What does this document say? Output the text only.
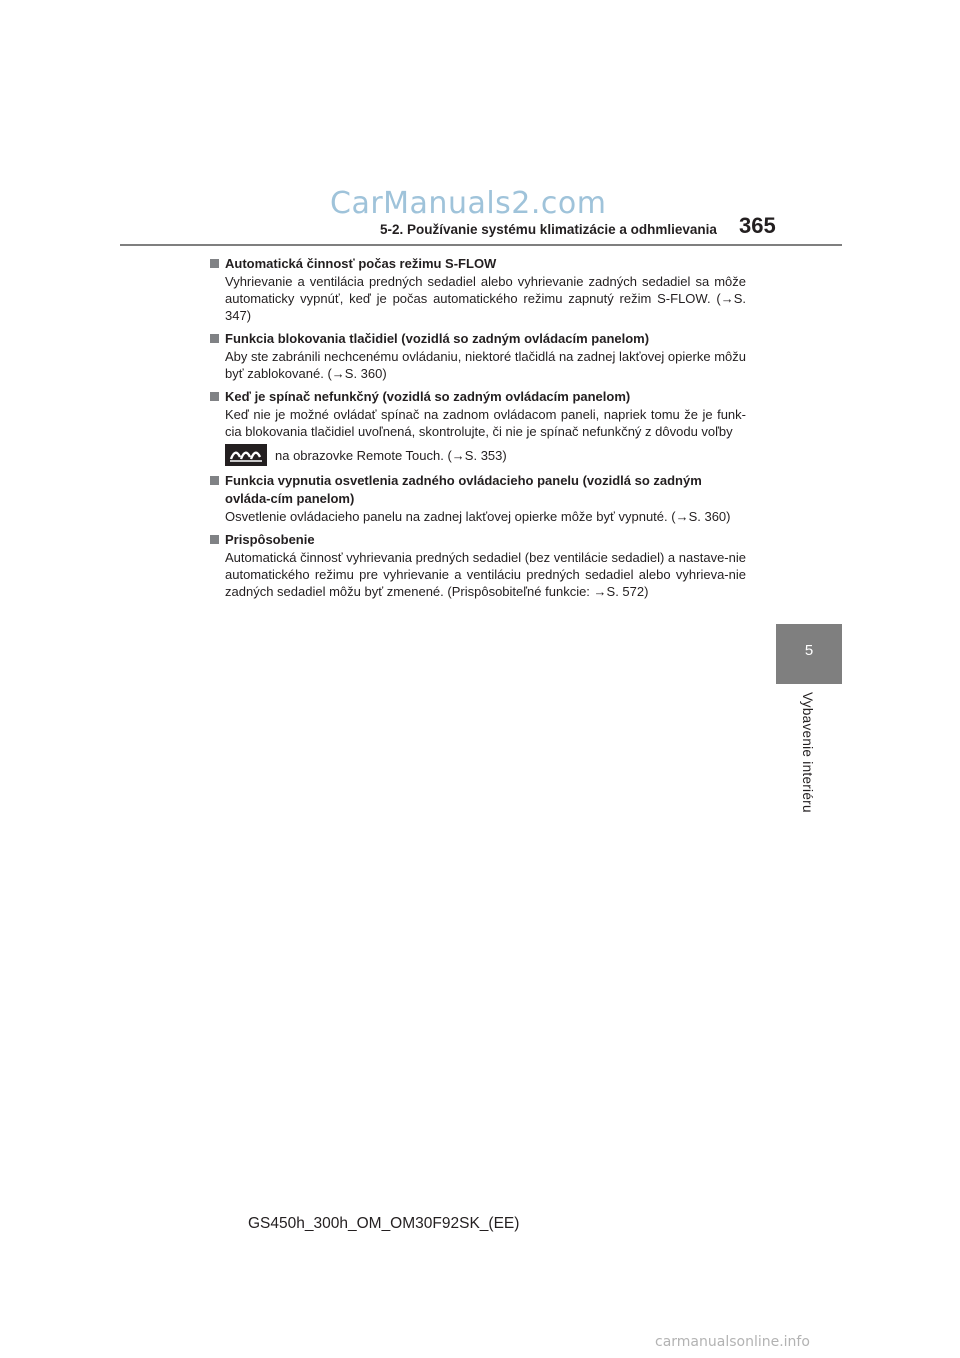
CarManuals2.com
5-2. Používanie systému klimatizácie a odhmlievania 365
5
Vybavenie interiéru
Automatická činnosť počas režimu S-FLOW
Vyhrievanie a ventilácia predných sedadiel alebo vyhrievanie zadných sedadiel sa môže automaticky vypnúť, keď je počas automatického režimu zapnutý režim S-FLOW. (→S. 347)
Funkcia blokovania tlačidiel (vozidlá so zadným ovládacím panelom)
Aby ste zabránili nechcenému ovládaniu, niektoré tlačidlá na zadnej lakťovej opierke môžu byť zablokované. (→S. 360)
Keď je spínač nefunkčný (vozidlá so zadným ovládacím panelom)
Keď nie je možné ovládať spínač na zadnom ovládacom paneli, napriek tomu že je funk-cia blokovania tlačidiel uvoľnená, skontrolujte, či nie je spínač nefunkčný z dôvodu voľby
na obrazovke Remote Touch. (→S. 353)
Funkcia vypnutia osvetlenia zadného ovládacieho panelu (vozidlá so zadným ovláda-cím panelom)
Osvetlenie ovládacieho panelu na zadnej lakťovej opierke môže byť vypnuté. (→S. 360)
Prispôsobenie
Automatická činnosť vyhrievania predných sedadiel (bez ventilácie sedadiel) a nastave-nie automatického režimu pre vyhrievanie a ventiláciu predných sedadiel alebo vyhrieva-nie zadných sedadiel môžu byť zmenené. (Prispôsobiteľné funkcie: →S. 572)
GS450h_300h_OM_OM30F92SK_(EE)
carmanualsonline.info
